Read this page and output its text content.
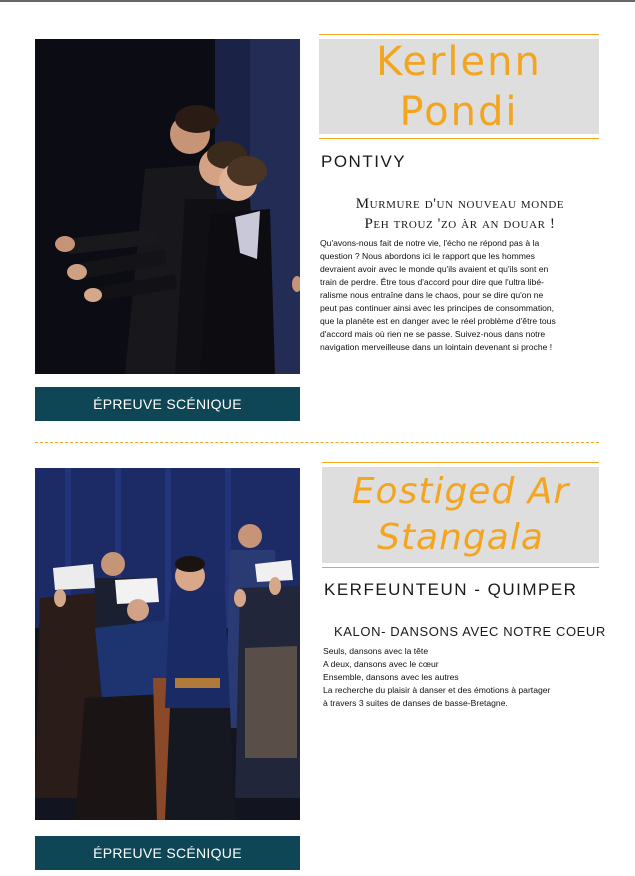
ÉPREUVE SCÉNIQUE
Kerlenn
Pondi
PONTIVY
Murmure d'un nouveau monde
Peh trouz 'zo àr an douar !
Qu'avons-nous fait de notre vie, l'écho ne répond pas à la
question ? Nous abordons ici le rapport que les hommes
devraient avoir avec le monde qu'ils avaient et qu'ils sont en
train de perdre. Être tous d'accord pour dire que l'ultra libé-
ralisme nous entraîne dans le chaos, pour se dire qu'on ne
peut pas continuer ainsi avec les principes de consommation,
que la planète est en danger avec le réel problème d'être tous
d'accord mais où rien ne se passe. Suivez-nous dans notre
navigation merveilleuse dans un lointain devenant si proche !
ÉPREUVE SCÉNIQUE
Eostiged Ar
Stangala
KERFEUNTEUN - QUIMPER
KALON- DANSONS AVEC NOTRE COEUR
Seuls, dansons avec la tête
A deux, dansons avec le cœur
Ensemble, dansons avec les autres
La recherche du plaisir à danser et des émotions à partager
à travers 3 suites de danses de basse-Bretagne.
